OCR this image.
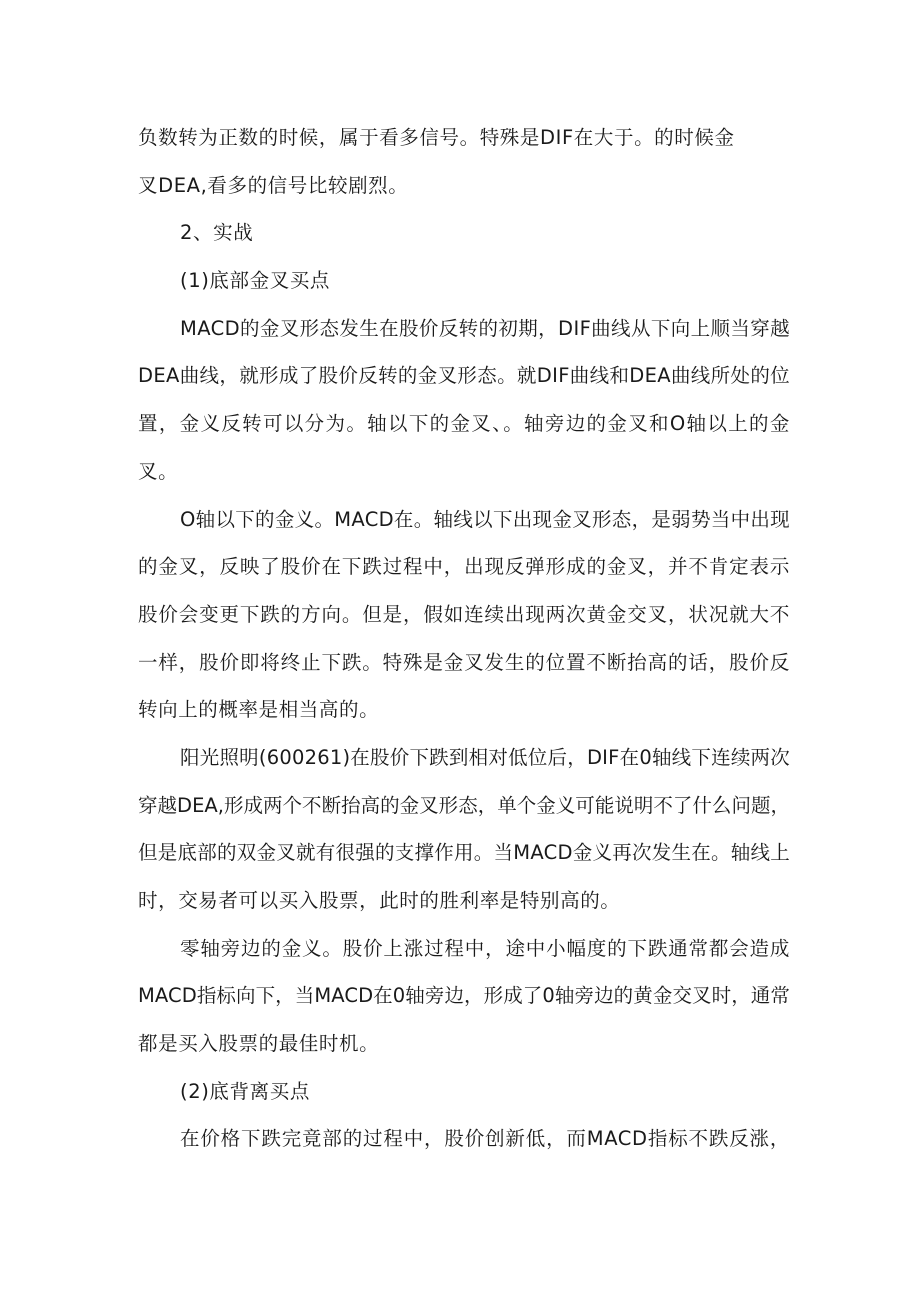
负数转为正数的时候，属于看多信号。特殊是DIF在大于。的时候金
叉DEA,看多的信号比较剧烈。
2、实战
(1)底部金叉买点
MACD的金叉形态发生在股价反转的初期，DIF曲线从下向上顺当穿越
DEA曲线，就形成了股价反转的金叉形态。就DIF曲线和DEA曲线所处的位
置，金义反转可以分为。轴以下的金叉、。轴旁边的金叉和O轴以上的金
叉。
O轴以下的金义。MACD在。轴线以下出现金叉形态，是弱势当中出现
的金叉，反映了股价在下跌过程中，出现反弹形成的金叉，并不肯定表示
股价会变更下跌的方向。但是，假如连续出现两次黄金交叉，状况就大不
一样，股价即将终止下跌。特殊是金叉发生的位置不断抬高的话，股价反
转向上的概率是相当高的。
阳光照明(600261)在股价下跌到相对低位后，DIF在0轴线下连续两次
穿越DEA,形成两个不断抬高的金叉形态，单个金义可能说明不了什么问题，
但是底部的双金叉就有很强的支撑作用。当MACD金义再次发生在。轴线上
时，交易者可以买入股票，此时的胜利率是特别高的。
零轴旁边的金义。股价上涨过程中，途中小幅度的下跌通常都会造成
MACD指标向下，当MACD在0轴旁边，形成了0轴旁边的黄金交叉时，通常
都是买入股票的最佳时机。
(2)底背离买点
在价格下跌完竟部的过程中，股价创新低，而MACD指标不跌反涨，
